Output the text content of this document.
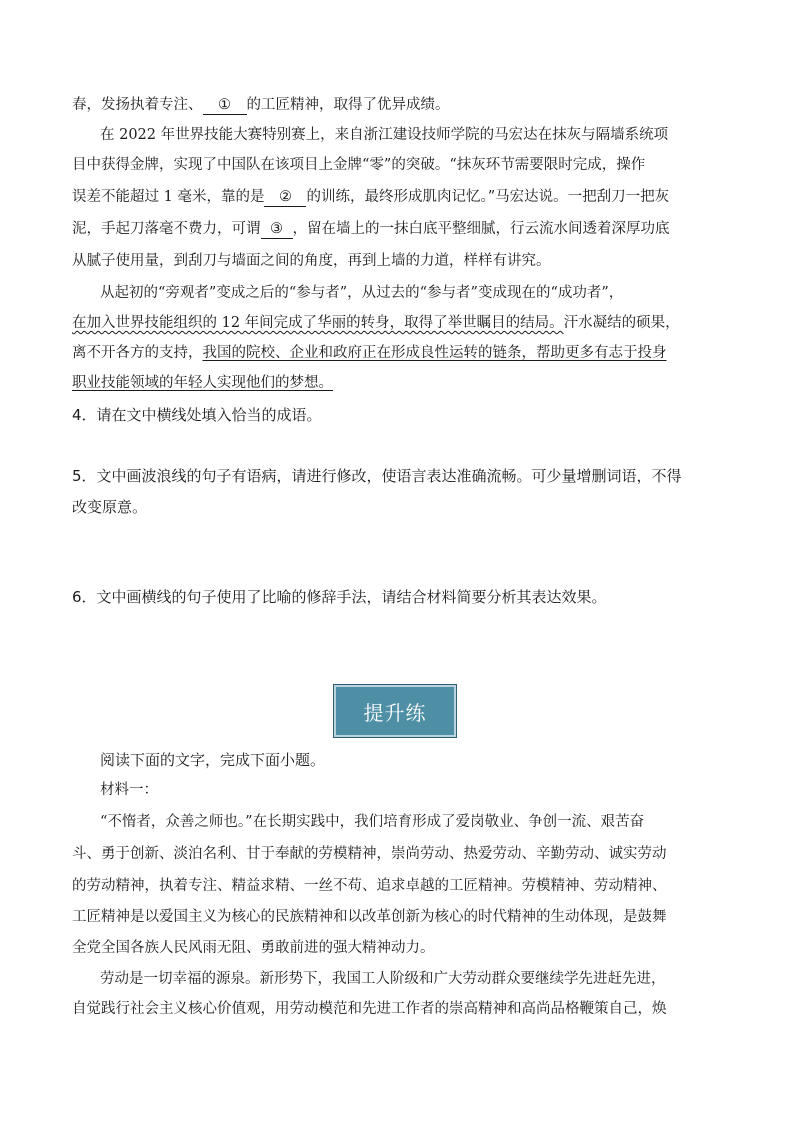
春，发扬执着专注、 ① 的工匠精神，取得了优异成绩。
在 2022 年世界技能大赛特别赛上，来自浙江建设技师学院的马宏达在抹灰与隔墙系统项
目中获得金牌，实现了中国队在该项目上金牌“零”的突破。“抹灰环节需要限时完成，操作
误差不能超过 1 毫米，靠的是 ② 的训练，最终形成肌肉记忆。”马宏达说。一把刮刀一把灰
泥，手起刀落毫不费力，可谓 ③ ，留在墙上的一抹白底平整细腻，行云流水间透着深厚功底
从腻子使用量，到刮刀与墙面之间的角度，再到上墙的力道，样样有讲究。
从起初的“旁观者”变成之后的“参与者”，从过去的“参与者”变成现在的“成功者”，
在加入世界技能组织的 12 年间完成了华丽的转身，取得了举世瞩目的结局。汗水凝结的硕果，
离不开各方的支持，我国的院校、企业和政府正在形成良性运转的链条，帮助更多有志于投身
职业技能领域的年轻人实现他们的梦想。
4．请在文中横线处填入恰当的成语。
5．文中画波浪线的句子有语病，请进行修改，使语言表达准确流畅。可少量增删词语，不得
改变原意。
6．文中画横线的句子使用了比喻的修辞手法，请结合材料简要分析其表达效果。
提升练
阅读下面的文字，完成下面小题。
材料一：
“不惰者，众善之师也。”在长期实践中，我们培育形成了爱岗敬业、争创一流、艰苦奋
斗、勇于创新、淡泊名利、甘于奉献的劳模精神，崇尚劳动、热爱劳动、辛勤劳动、诚实劳动
的劳动精神，执着专注、精益求精、一丝不苟、追求卓越的工匠精神。劳模精神、劳动精神、
工匠精神是以爱国主义为核心的民族精神和以改革创新为核心的时代精神的生动体现，是鼓舞
全党全国各族人民风雨无阻、勇敢前进的强大精神动力。
劳动是一切幸福的源泉。新形势下，我国工人阶级和广大劳动群众要继续学先进赶先进，
自觉践行社会主义核心价值观，用劳动模范和先进工作者的崇高精神和高尚品格鞭策自己，焕
